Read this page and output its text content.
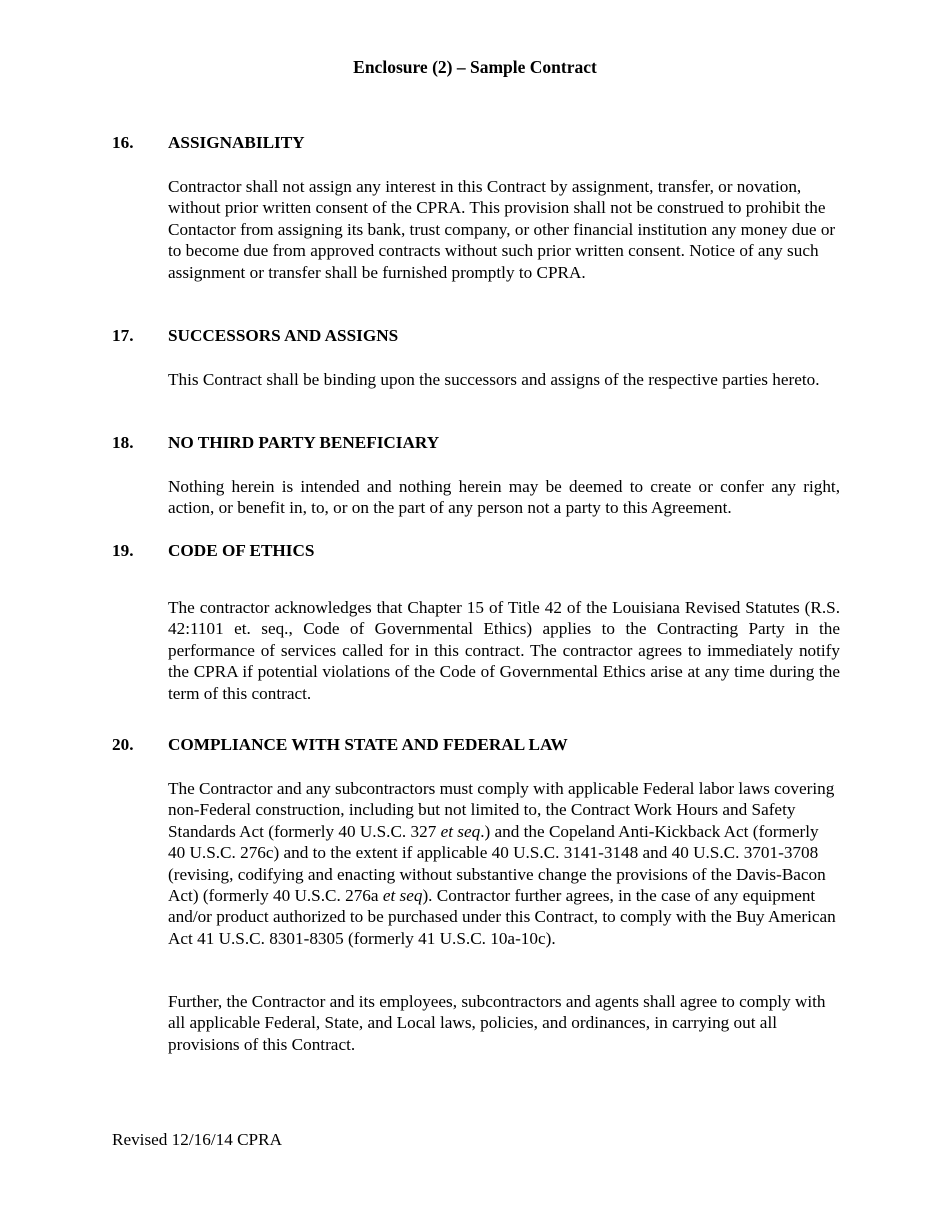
Enclosure (2) – Sample Contract
16. ASSIGNABILITY
Contractor shall not assign any interest in this Contract by assignment, transfer, or novation, without prior written consent of the CPRA. This provision shall not be construed to prohibit the Contactor from assigning its bank, trust company, or other financial institution any money due or to become due from approved contracts without such prior written consent. Notice of any such assignment or transfer shall be furnished promptly to CPRA.
17. SUCCESSORS AND ASSIGNS
This Contract shall be binding upon the successors and assigns of the respective parties hereto.
18. NO THIRD PARTY BENEFICIARY
Nothing herein is intended and nothing herein may be deemed to create or confer any right, action, or benefit in, to, or on the part of any person not a party to this Agreement.
19. CODE OF ETHICS
The contractor acknowledges that Chapter 15 of Title 42 of the Louisiana Revised Statutes (R.S. 42:1101 et. seq., Code of Governmental Ethics) applies to the Contracting Party in the performance of services called for in this contract. The contractor agrees to immediately notify the CPRA if potential violations of the Code of Governmental Ethics arise at any time during the term of this contract.
20. COMPLIANCE WITH STATE AND FEDERAL LAW
The Contractor and any subcontractors must comply with applicable Federal labor laws covering non-Federal construction, including but not limited to, the Contract Work Hours and Safety Standards Act (formerly 40 U.S.C. 327 et seq.) and the Copeland Anti-Kickback Act (formerly 40 U.S.C. 276c) and to the extent if applicable 40 U.S.C. 3141-3148 and 40 U.S.C. 3701-3708 (revising, codifying and enacting without substantive change the provisions of the Davis-Bacon Act) (formerly 40 U.S.C. 276a et seq). Contractor further agrees, in the case of any equipment and/or product authorized to be purchased under this Contract, to comply with the Buy American Act 41 U.S.C. 8301-8305 (formerly 41 U.S.C. 10a-10c).
Further, the Contractor and its employees, subcontractors and agents shall agree to comply with all applicable Federal, State, and Local laws, policies, and ordinances, in carrying out all provisions of this Contract.
Revised 12/16/14 CPRA
